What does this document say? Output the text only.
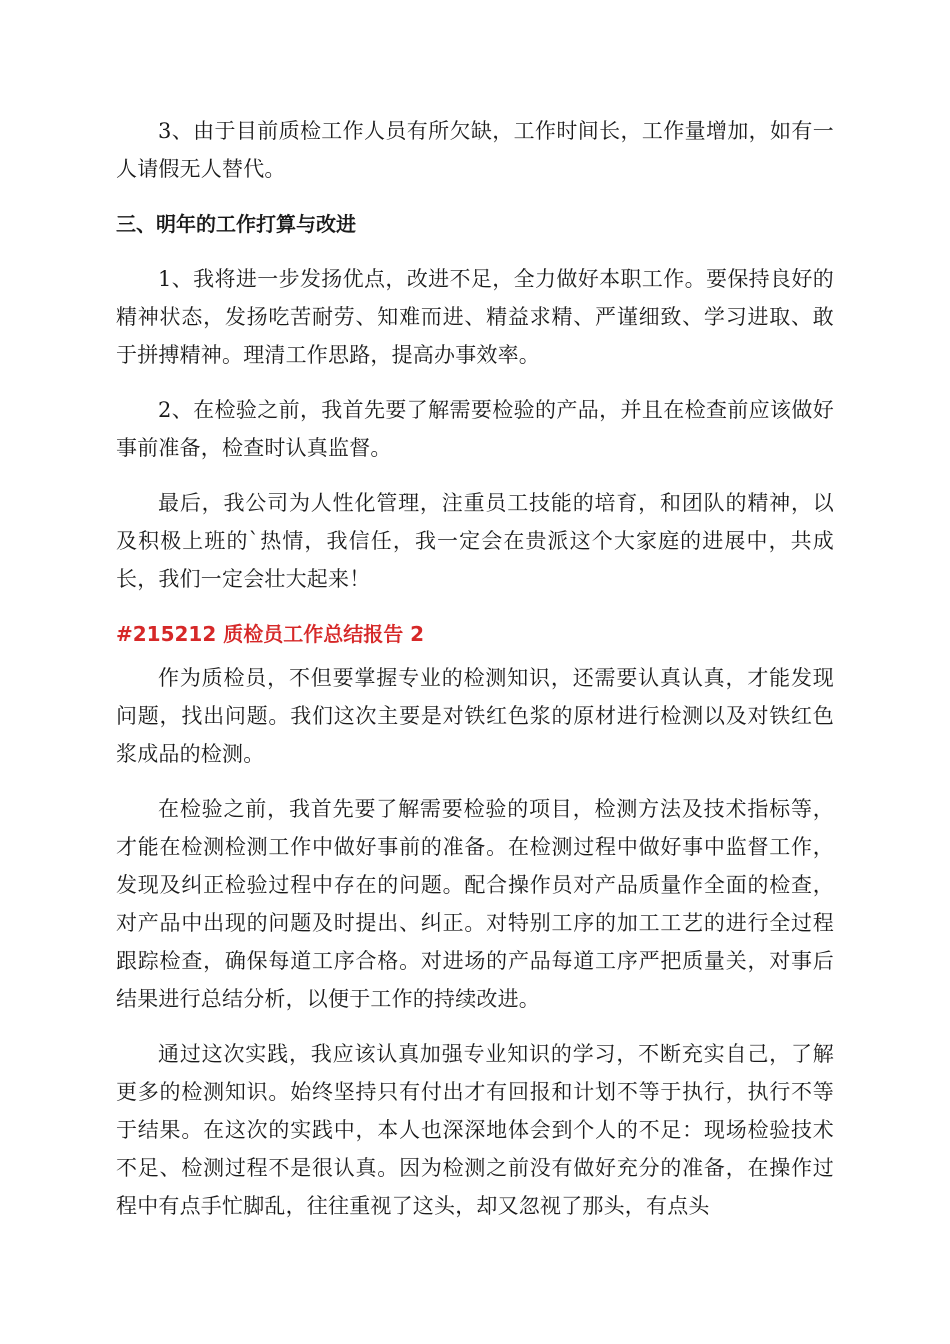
3、由于目前质检工作人员有所欠缺，工作时间长，工作量增加，如有一人请假无人替代。

三、明年的工作打算与改进

1、我将进一步发扬优点，改进不足，全力做好本职工作。要保持良好的精神状态，发扬吃苦耐劳、知难而进、精益求精、严谨细致、学习进取、敢于拼搏精神。理清工作思路，提高办事效率。

2、在检验之前，我首先要了解需要检验的产品，并且在检查前应该做好事前准备，检查时认真监督。

最后，我公司为人性化管理，注重员工技能的培育，和团队的精神，以及积极上班的`热情，我信任，我一定会在贵派这个大家庭的进展中，共成长，我们一定会壮大起来！

#215212 质检员工作总结报告 2

作为质检员，不但要掌握专业的检测知识，还需要认真认真，才能发现问题，找出问题。我们这次主要是对铁红色浆的原材进行检测以及对铁红色浆成品的检测。

在检验之前，我首先要了解需要检验的项目，检测方法及技术指标等，才能在检测检测工作中做好事前的准备。在检测过程中做好事中监督工作，发现及纠正检验过程中存在的问题。配合操作员对产品质量作全面的检查，对产品中出现的问题及时提出、纠正。对特别工序的加工工艺的进行全过程跟踪检查，确保每道工序合格。对进场的产品每道工序严把质量关，对事后结果进行总结分析，以便于工作的持续改进。

通过这次实践，我应该认真加强专业知识的学习，不断充实自己，了解更多的检测知识。始终坚持只有付出才有回报和计划不等于执行，执行不等于结果。在这次的实践中，本人也深深地体会到个人的不足：现场检验技术不足、检测过程不是很认真。因为检测之前没有做好充分的准备，在操作过程中有点手忙脚乱，往往重视了这头，却又忽视了那头，有点头
